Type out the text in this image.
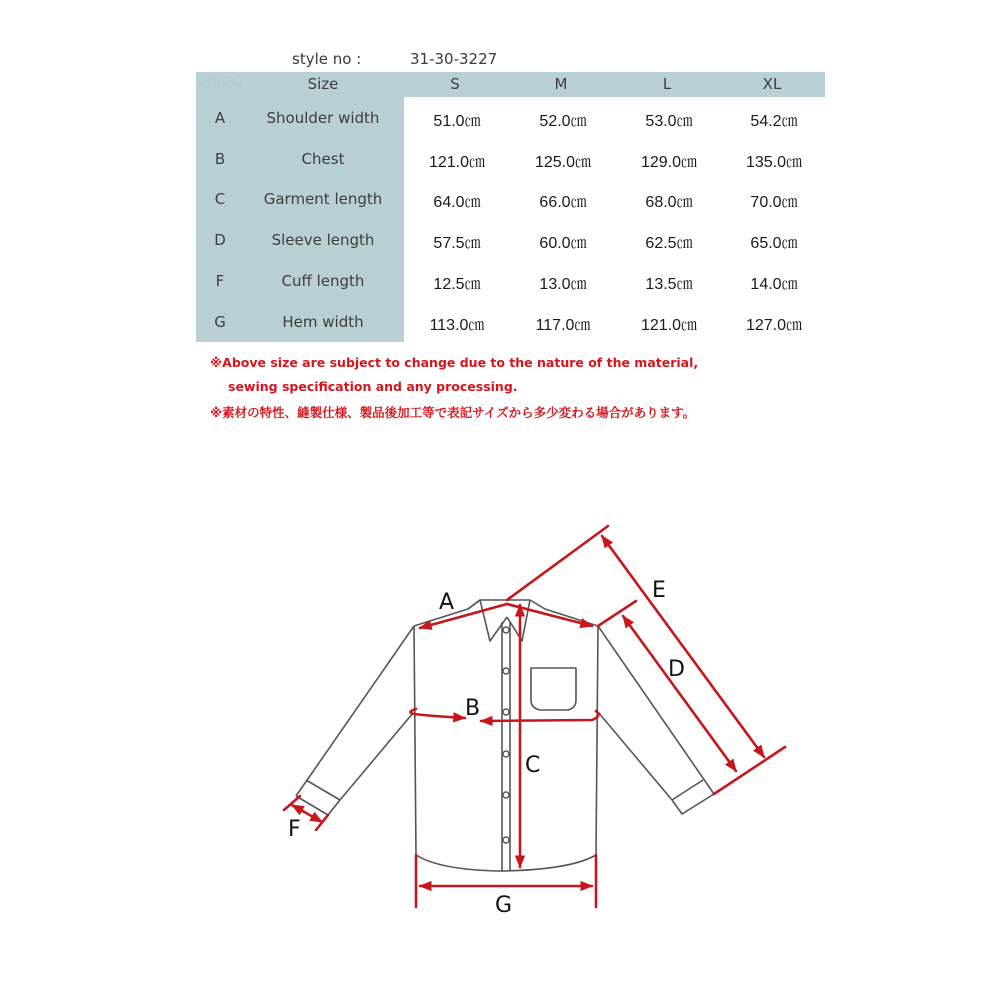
style no :	31-30-3227
-30-32	Size	S	M	L	XL
A	Shoulder width	51.0㎝	52.0㎝	53.0㎝	54.2㎝
B	Chest	121.0㎝	125.0㎝	129.0㎝	135.0㎝
C	Garment length	64.0㎝	66.0㎝	68.0㎝	70.0㎝
D	Sleeve length	57.5㎝	60.0㎝	62.5㎝	65.0㎝
F	Cuff length	12.5㎝	13.0㎝	13.5㎝	14.0㎝
G	Hem width	113.0㎝	117.0㎝	121.0㎝	127.0㎝
※Above size are subject to change due to the nature of the material,
sewing specification and any processing.
※素材の特性、縫製仕様、製品後加工等で表記サイズから多少変わる場合があります。
A
B
C
D
E
F
G
